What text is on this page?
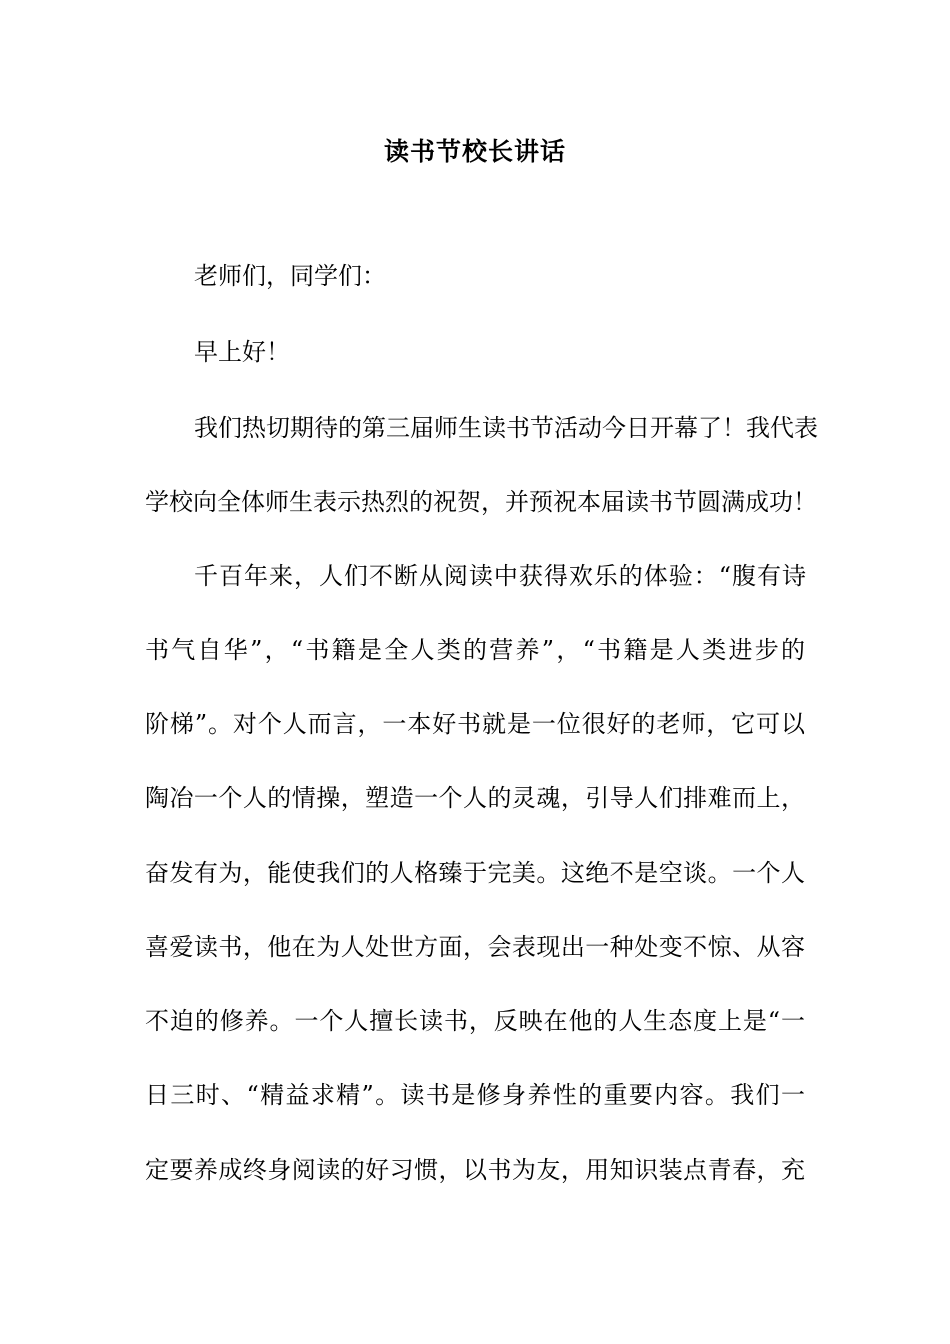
读书节校长讲话

老师们，同学们：

早上好！

我们热切期待的第三届师生读书节活动今日开幕了！我代表

学校向全体师生表示热烈的祝贺，并预祝本届读书节圆满成功！

千百年来，人们不断从阅读中获得欢乐的体验：“腹有诗

书气自华”，“书籍是全人类的营养”，“书籍是人类进步的

阶梯”。对个人而言，一本好书就是一位很好的老师，它可以

陶冶一个人的情操，塑造一个人的灵魂，引导人们排难而上，

奋发有为，能使我们的人格臻于完美。这绝不是空谈。一个人

喜爱读书，他在为人处世方面，会表现出一种处变不惊、从容

不迫的修养。一个人擅长读书，反映在他的人生态度上是“一

日三时、“精益求精”。读书是修身养性的重要内容。我们一

定要养成终身阅读的好习惯，以书为友，用知识装点青春，充
